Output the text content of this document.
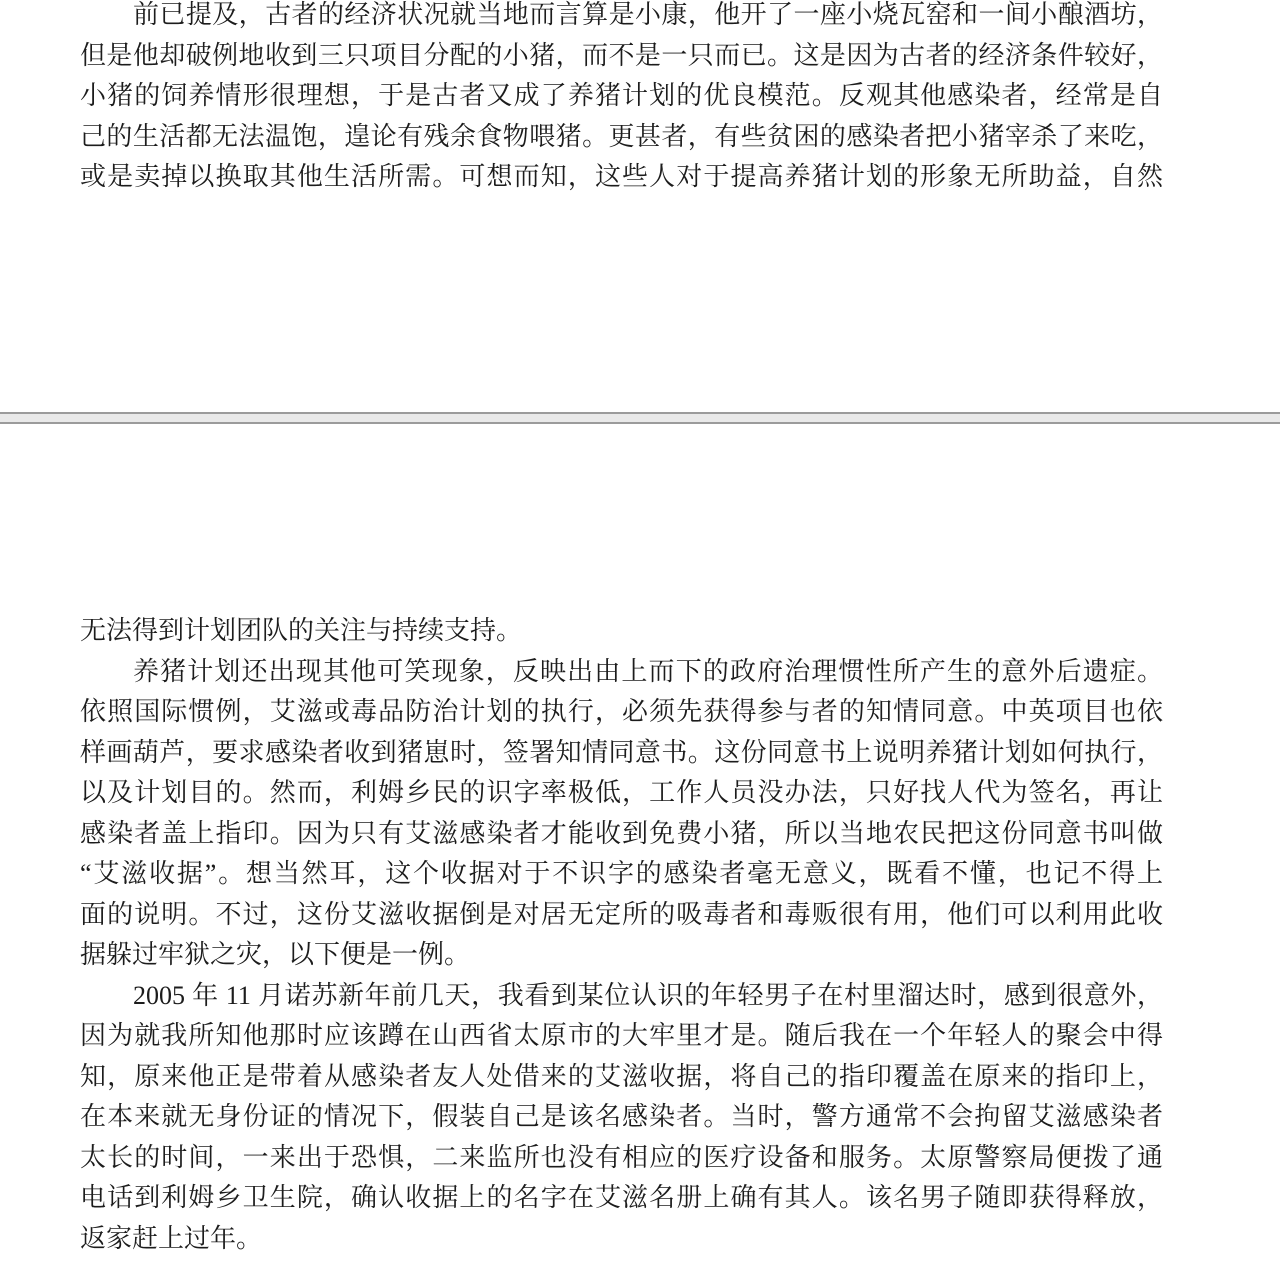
前已提及，古者的经济状况就当地而言算是小康，他开了一座小烧瓦窑和一间小酿酒坊，
但是他却破例地收到三只项目分配的小猪，而不是一只而已。这是因为古者的经济条件较好，
小猪的饲养情形很理想，于是古者又成了养猪计划的优良模范。反观其他感染者，经常是自
己的生活都无法温饱，遑论有残余食物喂猪。更甚者，有些贫困的感染者把小猪宰杀了来吃，
或是卖掉以换取其他生活所需。可想而知，这些人对于提高养猪计划的形象无所助益，自然
无法得到计划团队的关注与持续支持。
养猪计划还出现其他可笑现象，反映出由上而下的政府治理惯性所产生的意外后遗症。
依照国际惯例，艾滋或毒品防治计划的执行，必须先获得参与者的知情同意。中英项目也依
样画葫芦，要求感染者收到猪崽时，签署知情同意书。这份同意书上说明养猪计划如何执行，
以及计划目的。然而，利姆乡民的识字率极低，工作人员没办法，只好找人代为签名，再让
感染者盖上指印。因为只有艾滋感染者才能收到免费小猪，所以当地农民把这份同意书叫做
“艾滋收据”。想当然耳，这个收据对于不识字的感染者毫无意义，既看不懂，也记不得上
面的说明。不过，这份艾滋收据倒是对居无定所的吸毒者和毒贩很有用，他们可以利用此收
据躲过牢狱之灾，以下便是一例。
2005 年 11 月诺苏新年前几天，我看到某位认识的年轻男子在村里溜达时，感到很意外，
因为就我所知他那时应该蹲在山西省太原市的大牢里才是。随后我在一个年轻人的聚会中得
知，原来他正是带着从感染者友人处借来的艾滋收据，将自己的指印覆盖在原来的指印上，
在本来就无身份证的情况下，假装自己是该名感染者。当时，警方通常不会拘留艾滋感染者
太长的时间，一来出于恐惧，二来监所也没有相应的医疗设备和服务。太原警察局便拨了通
电话到利姆乡卫生院，确认收据上的名字在艾滋名册上确有其人。该名男子随即获得释放，
返家赶上过年。
